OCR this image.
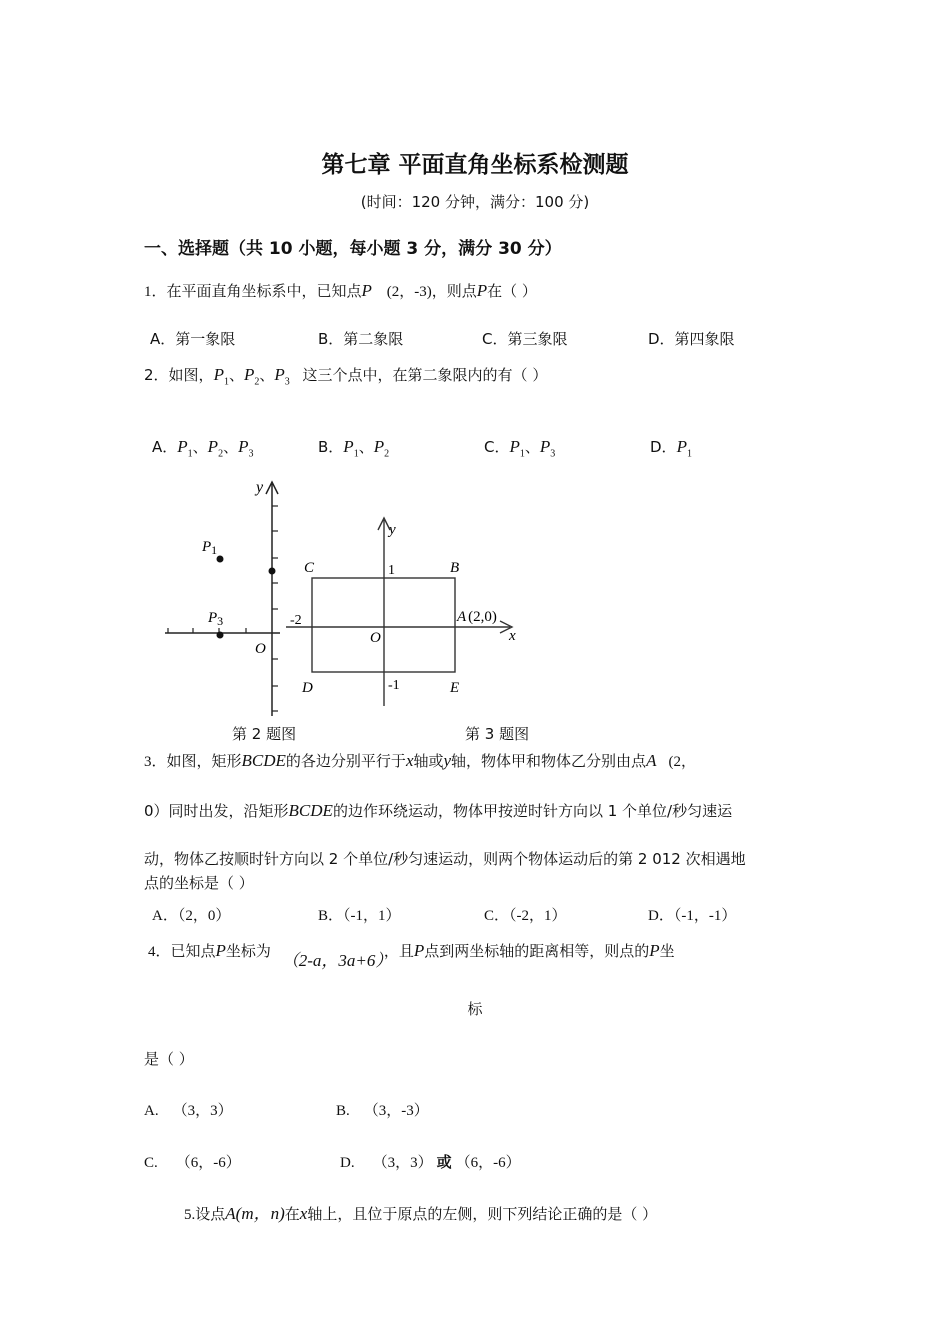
第七章 平面直角坐标系检测题
(时间：120 分钟，满分：100 分)
一、选择题（共 10 小题，每小题 3 分，满分 30 分）
1．在平面直角坐标系中，已知点P (2，-3)，则点P在（ ）
A．第一象限	B．第二象限	C．第三象限	D．第四象限
2．如图，$P_1$、$P_2$、$P_3$ 这三个点中，在第二象限内的有（ ）
A．$P_1$、$P_2$、$P_3$	B．$P_1$、$P_2$	C．$P_1$、$P_3$	D．$P_1$
y
$P_1$
$P_3$
O
第 2 题图
y
x
C	B
D	E
O
A (2,0)
1
-2
-1
第 3 题图
3．如图，矩形BCDE的各边分别平行于x轴或y轴，物体甲和物体乙分别由点A (2，
0）同时出发，沿矩形BCDE的边作环绕运动，物体甲按逆时针方向以 1 个单位/秒匀速运
动，物体乙按顺时针方向以 2 个单位/秒匀速运动，则两个物体运动后的第 2 012 次相遇地
点的坐标是（ ）
A．（2，0）	B．（-1，1）	C．（-2，1）	D．（-1，-1）
4．已知点P坐标为 （2-a，3a+6），且P点到两坐标轴的距离相等，则点的P坐
标
是（ ）
A. （3，3）	B. （3，-3）
C. （6，-6）	D. （3，3） 或 （6，-6）
5.设点A(m，n)在x轴上，且位于原点的左侧，则下列结论正确的是（ ）
